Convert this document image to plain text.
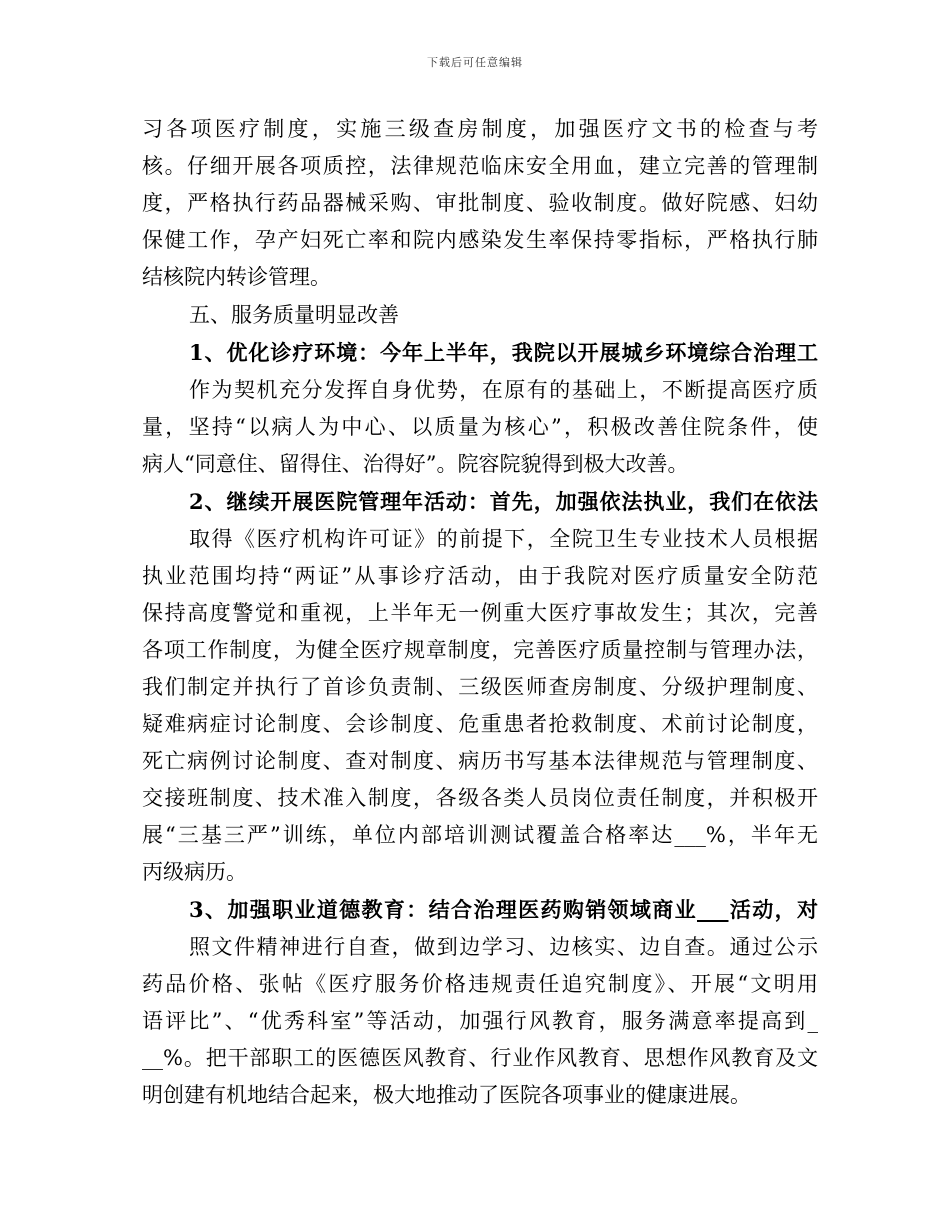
下载后可任意编辑
习各项医疗制度，实施三级查房制度，加强医疗文书的检查与考
核。仔细开展各项质控，法律规范临床安全用血，建立完善的管理制
度，严格执行药品器械采购、审批制度、验收制度。做好院感、妇幼
保健工作，孕产妇死亡率和院内感染发生率保持零指标，严格执行肺
结核院内转诊管理。
五、服务质量明显改善
1、优化诊疗环境：今年上半年，我院以开展城乡环境综合治理工
作为契机充分发挥自身优势，在原有的基础上，不断提高医疗质
量，坚持“以病人为中心、以质量为核心”，积极改善住院条件，使
病人“同意住、留得住、治得好”。院容院貌得到极大改善。
2、继续开展医院管理年活动：首先，加强依法执业，我们在依法
取得《医疗机构许可证》的前提下，全院卫生专业技术人员根据
执业范围均持“两证”从事诊疗活动，由于我院对医疗质量安全防范
保持高度警觉和重视，上半年无一例重大医疗事故发生；其次，完善
各项工作制度，为健全医疗规章制度，完善医疗质量控制与管理办法，
我们制定并执行了首诊负责制、三级医师查房制度、分级护理制度、
疑难病症讨论制度、会诊制度、危重患者抢救制度、术前讨论制度，
死亡病例讨论制度、查对制度、病历书写基本法律规范与管理制度、
交接班制度、技术准入制度，各级各类人员岗位责任制度，并积极开
展“三基三严”训练，单位内部培训测试覆盖合格率达___%，半年无
丙级病历。
3、加强职业道德教育：结合治理医药购销领域商业___活动，对
照文件精神进行自查，做到边学习、边核实、边自查。通过公示
药品价格、张帖《医疗服务价格违规责任追究制度》、开展“文明用
语评比”、“优秀科室”等活动，加强行风教育，服务满意率提高到_
__%。把干部职工的医德医风教育、行业作风教育、思想作风教育及文
明创建有机地结合起来，极大地推动了医院各项事业的健康进展。
